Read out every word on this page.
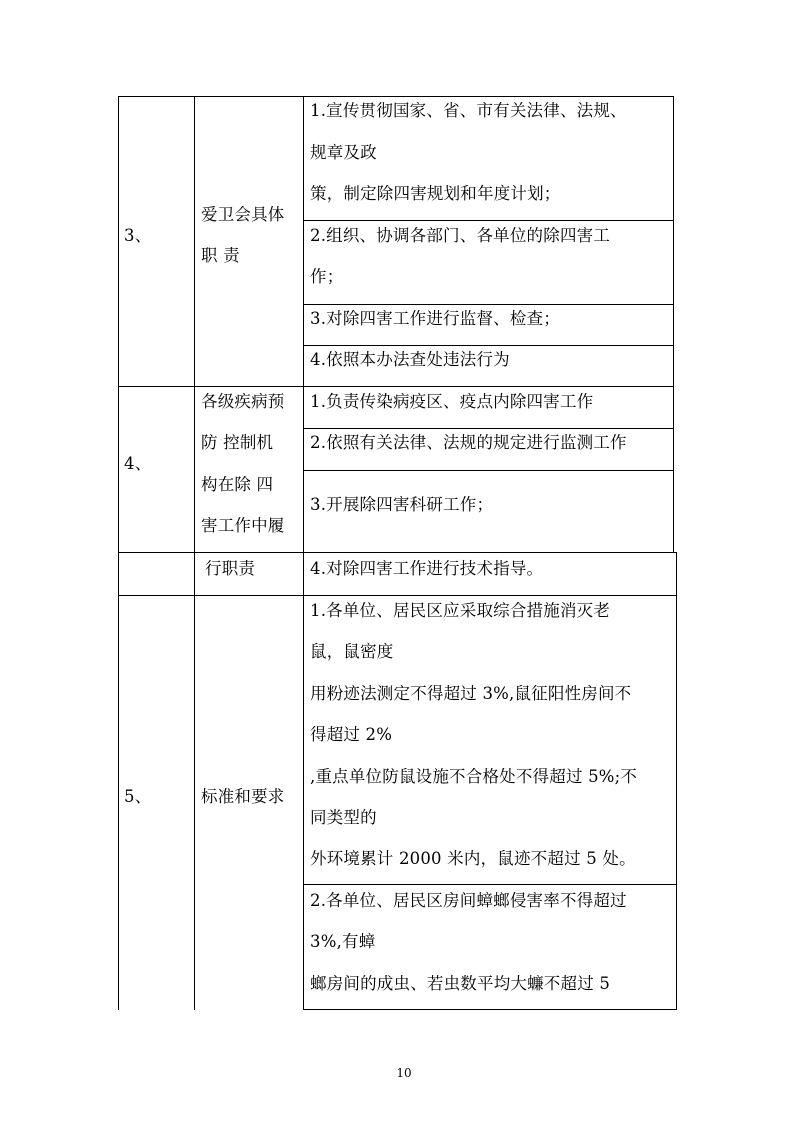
3、
爱卫会具体
职 责
1.宣传贯彻国家、省、市有关法律、法规、
规章及政
策，制定除四害规划和年度计划；
2.组织、协调各部门、各单位的除四害工
作；
3.对除四害工作进行监督、检查；
4.依照本办法查处违法行为
4、
各级疾病预
防 控制机
构在除 四
害工作中履
1.负责传染病疫区、疫点内除四害工作
2.依照有关法律、法规的规定进行监测工作
3.开展除四害科研工作；
行职责	4.对除四害工作进行技术指导。
5、	标准和要求
1.各单位、居民区应采取综合措施消灭老
鼠，鼠密度
用粉迹法测定不得超过 3%,鼠征阳性房间不
得超过 2%
,重点单位防鼠设施不合格处不得超过 5%;不
同类型的
外环境累计 2000 米内，鼠迹不超过 5 处。
2.各单位、居民区房间蟑螂侵害率不得超过
3%,有蟑
螂房间的成虫、若虫数平均大蠊不超过 5
10
